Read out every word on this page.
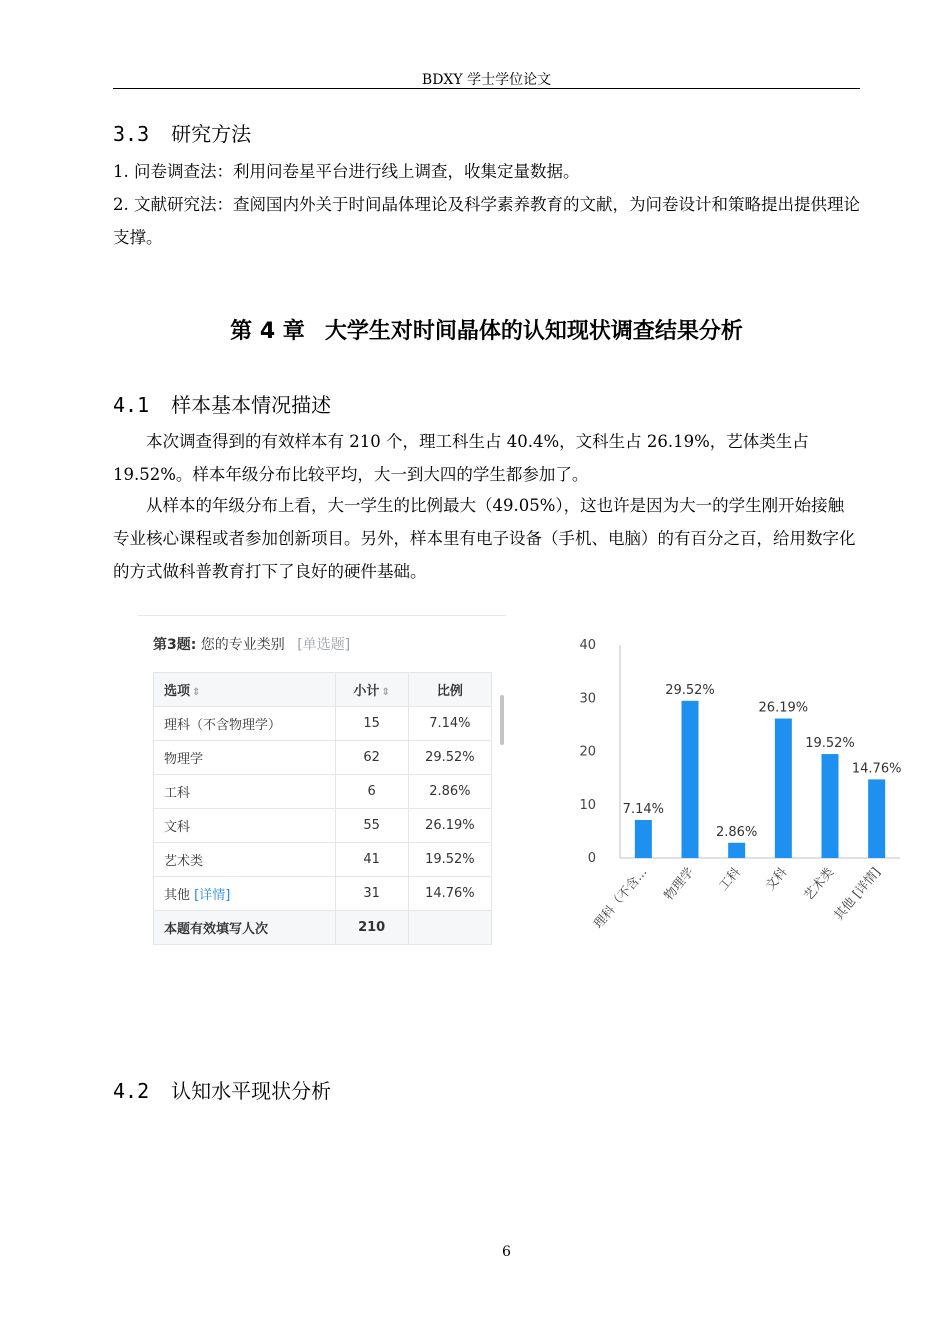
BDXY 学士学位论文
3.3 研究方法
1. 问卷调查法：利用问卷星平台进行线上调查，收集定量数据。
2. 文献研究法：查阅国内外关于时间晶体理论及科学素养教育的文献，为问卷设计和策略提出提供理论支撑。
第 4 章 大学生对时间晶体的认知现状调查结果分析
4.1 样本基本情况描述
本次调查得到的有效样本有 210 个，理工科生占 40.4%，文科生占 26.19%，艺体类生占 19.52%。样本年级分布比较平均，大一到大四的学生都参加了。
从样本的年级分布上看，大一学生的比例最大（49.05%），这也许是因为大一的学生刚开始接触专业核心课程或者参加创新项目。另外，样本里有电子设备（手机、电脑）的有百分之百，给用数字化的方式做科普教育打下了良好的硬件基础。
第3题: 您的专业类别 [单选题]
选项 ⇕	小计 ⇕	比例
理科（不含物理学）	15	7.14%
物理学	62	29.52%
工科	6	2.86%
文科	55	26.19%
艺术类	41	19.52%
其他 [详情]	31	14.76%
本题有效填写人次	210	
0
10
20
30
40
7.14%
理科（不含...
29.52%
物理学
2.86%
工科
26.19%
文科
19.52%
艺术类
14.76%
其他 [详情]
4.2 认知水平现状分析
6
